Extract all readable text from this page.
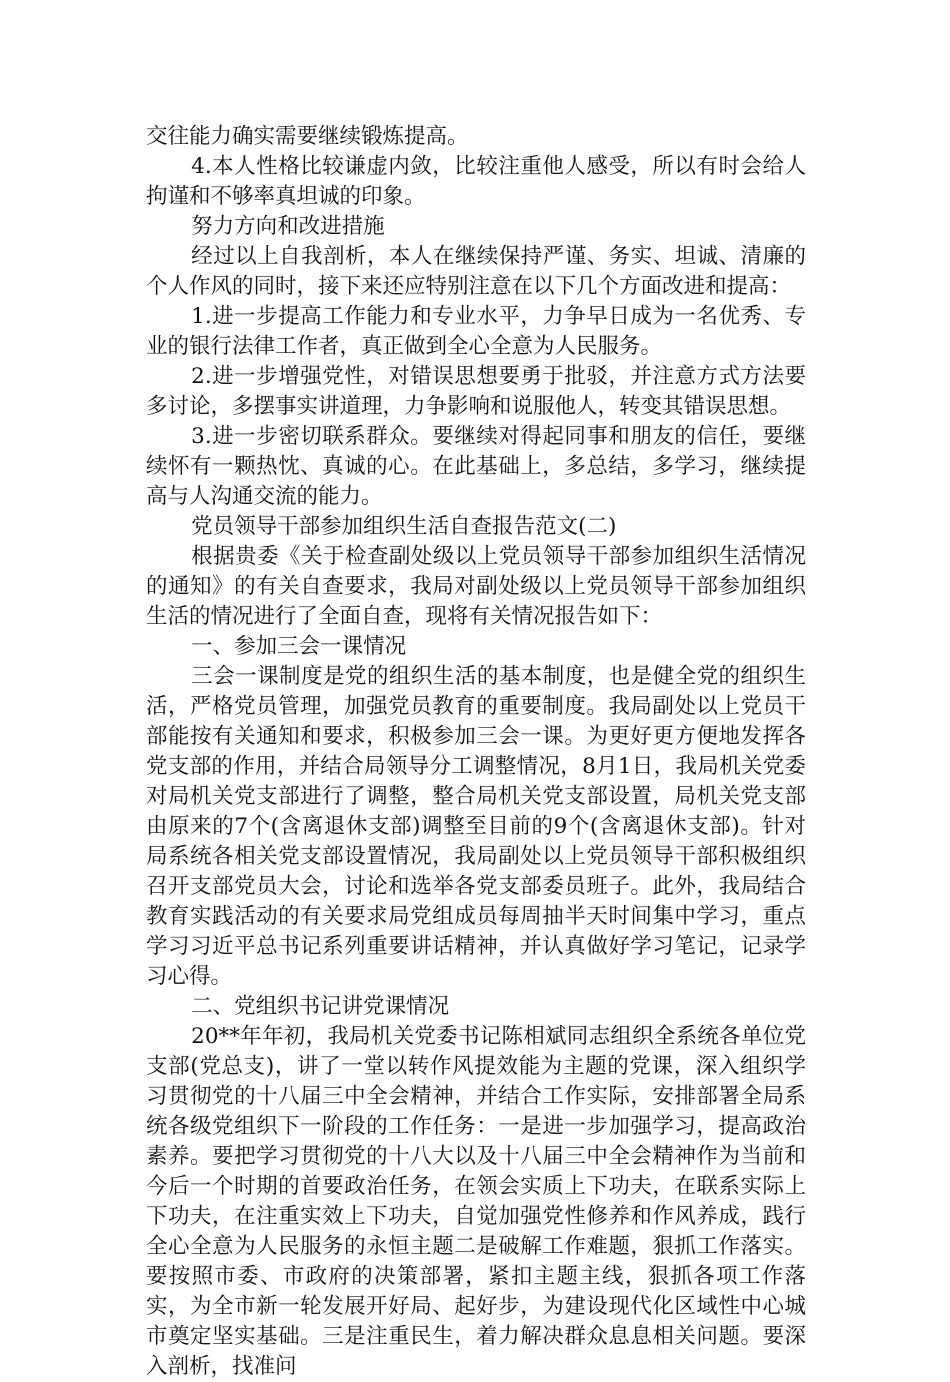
交往能力确实需要继续锻炼提高。

4.本人性格比较谦虚内敛，比较注重他人感受，所以有时会给人拘谨和不够率真坦诚的印象。

努力方向和改进措施

经过以上自我剖析，本人在继续保持严谨、务实、坦诚、清廉的个人作风的同时，接下来还应特别注意在以下几个方面改进和提高：

1.进一步提高工作能力和专业水平，力争早日成为一名优秀、专业的银行法律工作者，真正做到全心全意为人民服务。

2.进一步增强党性，对错误思想要勇于批驳，并注意方式方法要多讨论，多摆事实讲道理，力争影响和说服他人，转变其错误思想。

3.进一步密切联系群众。要继续对得起同事和朋友的信任，要继续怀有一颗热忱、真诚的心。在此基础上，多总结，多学习，继续提高与人沟通交流的能力。

党员领导干部参加组织生活自查报告范文(二)

根据贵委《关于检查副处级以上党员领导干部参加组织生活情况的通知》的有关自查要求，我局对副处级以上党员领导干部参加组织生活的情况进行了全面自查，现将有关情况报告如下：

一、参加三会一课情况

三会一课制度是党的组织生活的基本制度，也是健全党的组织生活，严格党员管理，加强党员教育的重要制度。我局副处以上党员干部能按有关通知和要求，积极参加三会一课。为更好更方便地发挥各党支部的作用，并结合局领导分工调整情况，8月1日，我局机关党委对局机关党支部进行了调整，整合局机关党支部设置，局机关党支部由原来的7个(含离退休支部)调整至目前的9个(含离退休支部)。针对局系统各相关党支部设置情况，我局副处以上党员领导干部积极组织召开支部党员大会，讨论和选举各党支部委员班子。此外，我局结合教育实践活动的有关要求局党组成员每周抽半天时间集中学习，重点学习习近平总书记系列重要讲话精神，并认真做好学习笔记，记录学习心得。

二、党组织书记讲党课情况

20**年年初，我局机关党委书记陈相斌同志组织全系统各单位党支部(党总支)，讲了一堂以转作风提效能为主题的党课，深入组织学习贯彻党的十八届三中全会精神，并结合工作实际，安排部署全局系统各级党组织下一阶段的工作任务：一是进一步加强学习，提高政治素养。要把学习贯彻党的十八大以及十八届三中全会精神作为当前和今后一个时期的首要政治任务，在领会实质上下功夫，在联系实际上下功夫，在注重实效上下功夫，自觉加强党性修养和作风养成，践行全心全意为人民服务的永恒主题二是破解工作难题，狠抓工作落实。要按照市委、市政府的决策部署，紧扣主题主线，狠抓各项工作落实，为全市新一轮发展开好局、起好步，为建设现代化区域性中心城市奠定坚实基础。三是注重民生，着力解决群众息息相关问题。要深入剖析，找准问
